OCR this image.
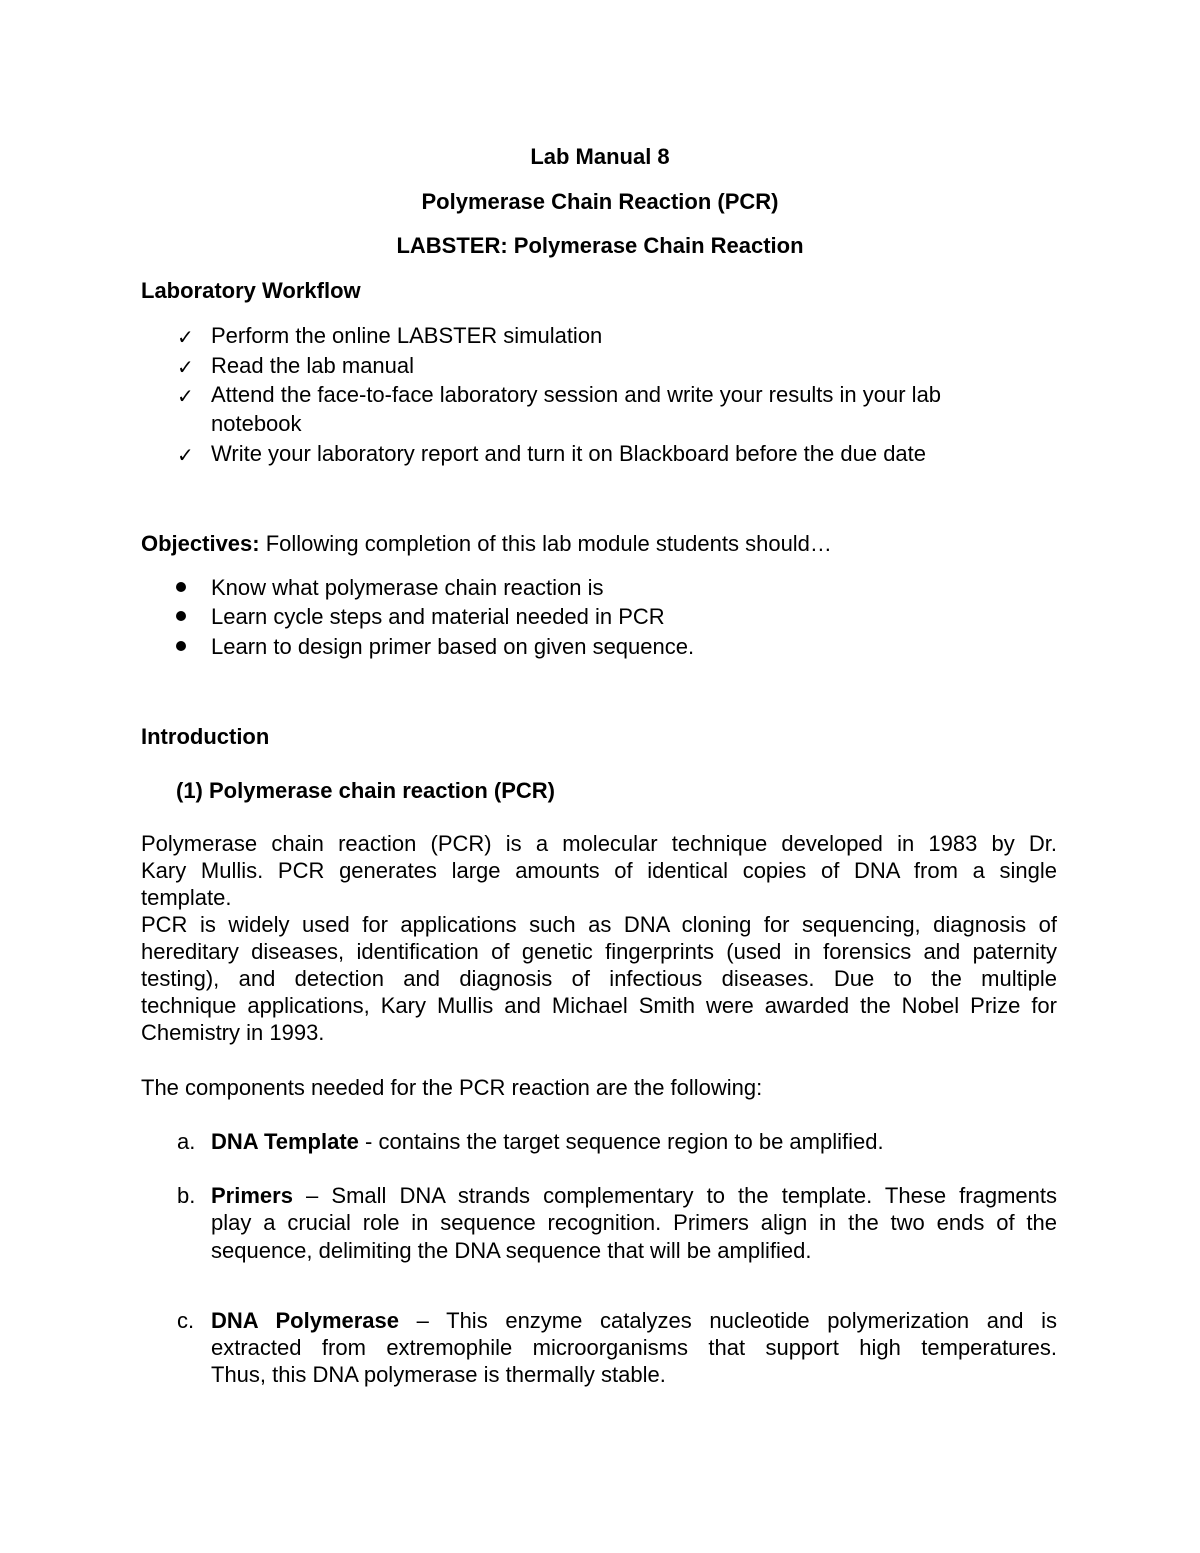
Lab Manual 8
Polymerase Chain Reaction (PCR)
LABSTER: Polymerase Chain Reaction
Laboratory Workflow
✓ Perform the online LABSTER simulation
✓ Read the lab manual
✓ Attend the face-to-face laboratory session and write your results in your lab
notebook
✓ Write your laboratory report and turn it on Blackboard before the due date
Objectives: Following completion of this lab module students should…
Know what polymerase chain reaction is
Learn cycle steps and material needed in PCR
Learn to design primer based on given sequence.
Introduction
(1) Polymerase chain reaction (PCR)
Polymerase chain reaction (PCR) is a molecular technique developed in 1983 by Dr.
Kary Mullis. PCR generates large amounts of identical copies of DNA from a single
template.
PCR is widely used for applications such as DNA cloning for sequencing, diagnosis of
hereditary diseases, identification of genetic fingerprints (used in forensics and paternity
testing), and detection and diagnosis of infectious diseases. Due to the multiple
technique applications, Kary Mullis and Michael Smith were awarded the Nobel Prize for
Chemistry in 1993.
The components needed for the PCR reaction are the following:
a. DNA Template - contains the target sequence region to be amplified.
b. Primers – Small DNA strands complementary to the template. These fragments
play a crucial role in sequence recognition. Primers align in the two ends of the
sequence, delimiting the DNA sequence that will be amplified.
c. DNA Polymerase – This enzyme catalyzes nucleotide polymerization and is
extracted from extremophile microorganisms that support high temperatures.
Thus, this DNA polymerase is thermally stable.
